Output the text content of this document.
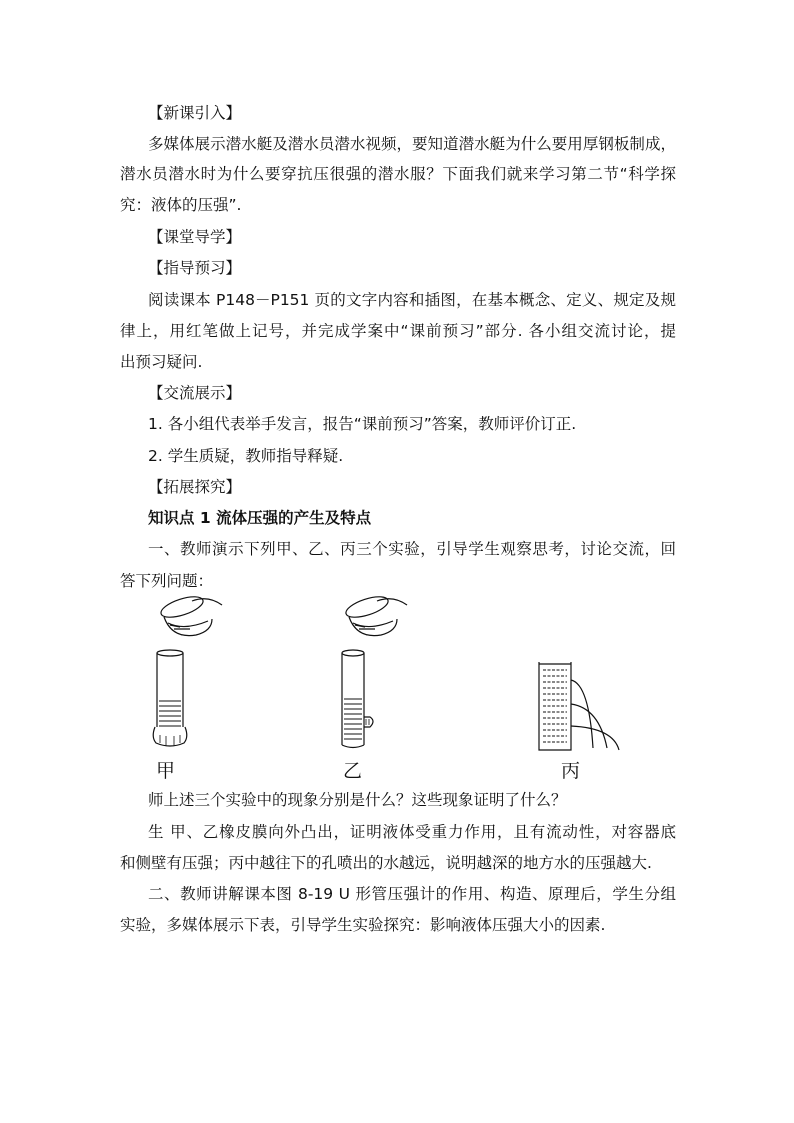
【新课引入】
多媒体展示潜水艇及潜水员潜水视频，要知道潜水艇为什么要用厚钢板制成，
潜水员潜水时为什么要穿抗压很强的潜水服？下面我们就来学习第二节“科学探
究：液体的压强”.
【课堂导学】
【指导预习】
阅读课本 P148－P151 页的文字内容和插图，在基本概念、定义、规定及规
律上，用红笔做上记号，并完成学案中“课前预习”部分. 各小组交流讨论，提
出预习疑问.
【交流展示】
1. 各小组代表举手发言，报告“课前预习”答案，教师评价订正.
2. 学生质疑，教师指导释疑.
【拓展探究】
知识点 1 流体压强的产生及特点
一、教师演示下列甲、乙、丙三个实验，引导学生观察思考，讨论交流，回
答下列问题：
甲	乙	丙
师上述三个实验中的现象分别是什么？这些现象证明了什么？
生 甲、乙橡皮膜向外凸出，证明液体受重力作用，且有流动性，对容器底
和侧壁有压强；丙中越往下的孔喷出的水越远，说明越深的地方水的压强越大.
二、教师讲解课本图 8-19 U 形管压强计的作用、构造、原理后，学生分组
实验，多媒体展示下表，引导学生实验探究：影响液体压强大小的因素.
